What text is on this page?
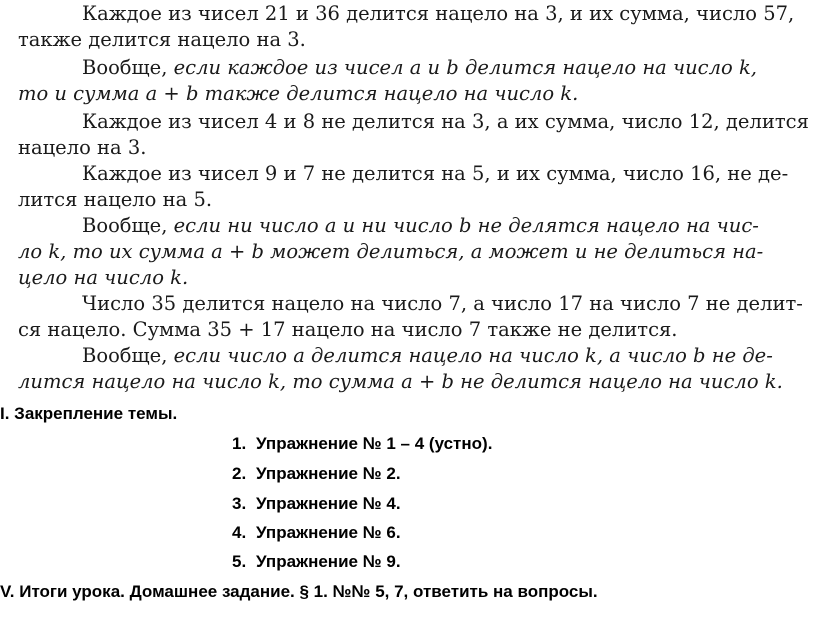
Каждое из чисел 21 и 36 делится нацело на 3, и их сумма, число 57,
также делится нацело на 3.
Вообще, если каждое из чисел a и b делится нацело на число k,
то и сумма a + b также делится нацело на число k.
Каждое из чисел 4 и 8 не делится на 3, а их сумма, число 12, делится
нацело на 3.
Каждое из чисел 9 и 7 не делится на 5, и их сумма, число 16, не де-
лится нацело на 5.
Вообще, если ни число a и ни число b не делятся нацело на чис-
ло k, то их сумма a + b может делиться, а может и не делиться на-
цело на число k.
Число 35 делится нацело на число 7, а число 17 на число 7 не делит-
ся нацело. Сумма 35 + 17 нацело на число 7 также не делится.
Вообще, если число a делится нацело на число k, а число b не де-
лится нацело на число k, то сумма a + b не делится нацело на число k.
I. Закрепление темы.
1. Упражнение № 1 – 4 (устно).
2. Упражнение № 2.
3. Упражнение № 4.
4. Упражнение № 6.
5. Упражнение № 9.
V. Итоги урока. Домашнее задание. § 1. №№ 5, 7, ответить на вопросы.
